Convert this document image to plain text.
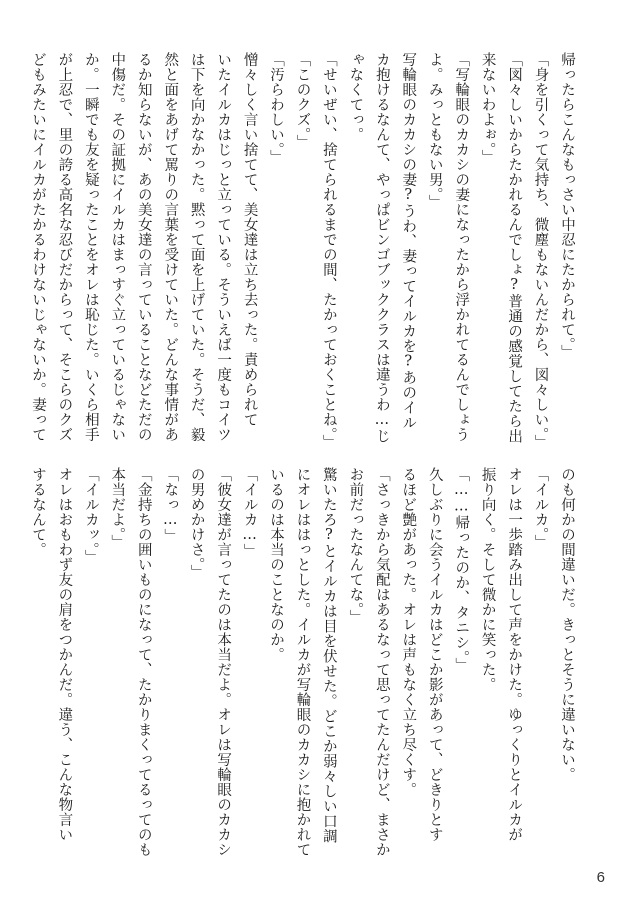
帰ったらこんなもっさい中忍にたかられて。」
「身を引くって気持ち、微塵もないんだから、図々しい。」
「図々しいからたかれるんでしょ?普通の感覚してたら出
来ないわよぉ。」
「写輪眼のカカシの妻になったから浮かれてるんでしょう
よ。みっともない男。」
写輪眼のカカシの妻?うわ、妻ってイルカを?あのイル
カ抱けるなんて、やっぱビンゴブッククラスは違うわ…じ
ゃなくてっ。
「せいぜい、捨てられるまでの間、たかっておくことね。」
「このクズ。」
「汚らわしい。」
憎々しく言い捨てて、美女達は立ち去った。責められて
いたイルカはじっと立っている。そういえば一度もコイツ
は下を向かなかった。黙って面を上げていた。そうだ、毅
然と面をあげて罵りの言葉を受けていた。どんな事情があ
るか知らないが、あの美女達の言っていることなどただの
中傷だ。その証拠にイルカはまっすぐ立っているじゃない
か。一瞬でも友を疑ったことをオレは恥じた。いくら相手
が上忍で、里の誇る高名な忍びだからって、そこらのクズ
どもみたいにイルカがたかるわけないじゃないか。妻って
のも何かの間違いだ。きっとそうに違いない。
「イルカ。」
オレは一歩踏み出して声をかけた。ゆっくりとイルカが
振り向く。そして微かに笑った。
「……帰ったのか、タニシ。」
久しぶりに会うイルカはどこか影があって、どきりとす
るほど艶があった。オレは声もなく立ち尽くす。
「さっきから気配はあるなって思ってたんだけど、まさか
お前だったなんてな。」
驚いたろ?とイルカは目を伏せた。どこか弱々しい口調
にオレははっとした。イルカが写輪眼のカカシに抱かれて
いるのは本当のことなのか。
「イルカ…」
「彼女達が言ってたのは本当だよ。オレは写輪眼のカカシ
の男めかけさ。」
「なっ…」
「金持ちの囲いものになって、たかりまくってるってのも
本当だよ。」
「イルカッ。」
オレはおもわず友の肩をつかんだ。違う、こんな物言い
するなんて。
6
